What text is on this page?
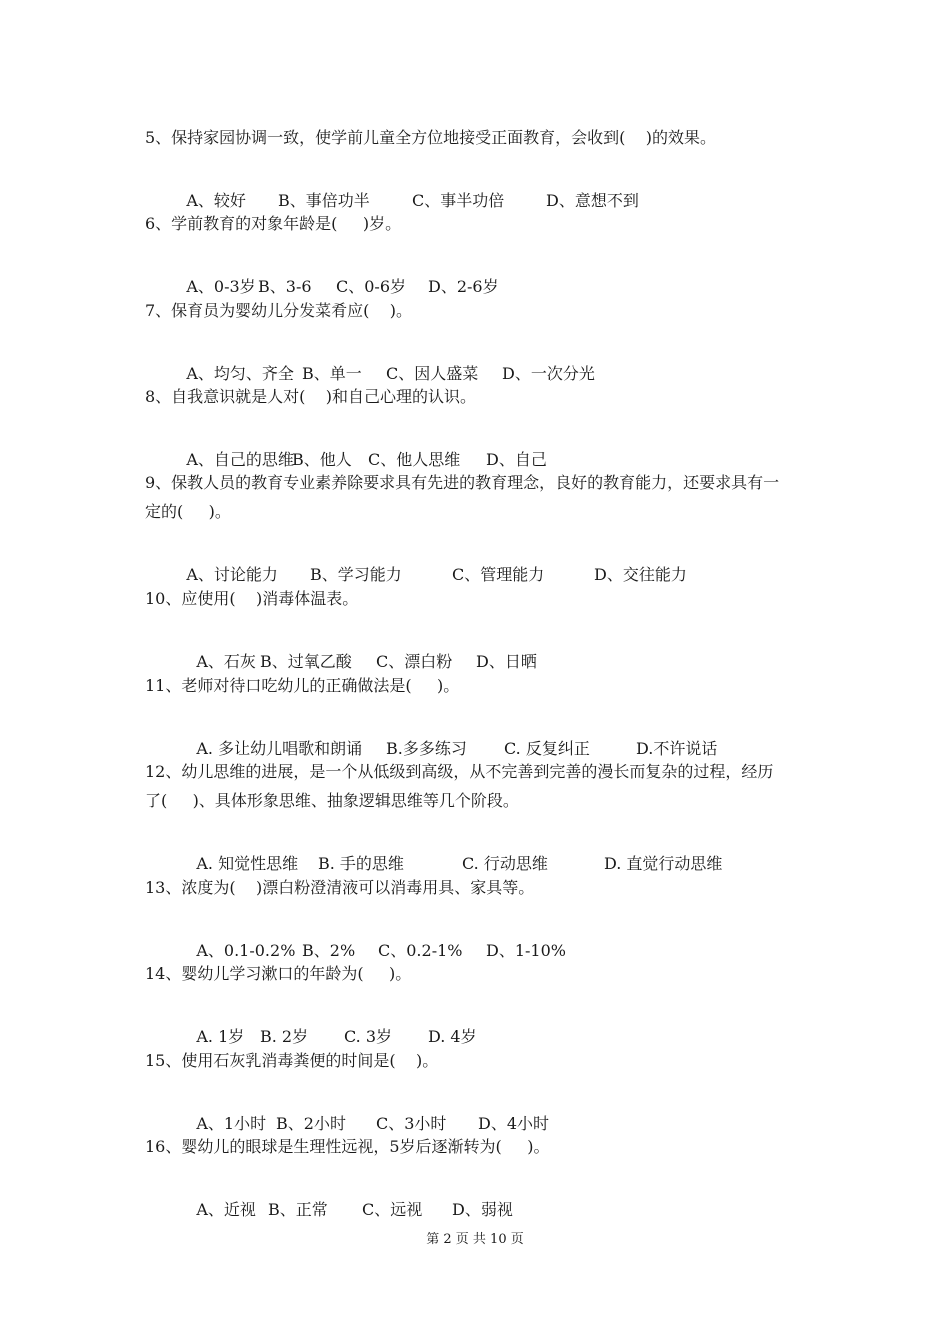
5、保持家园协调一致，使学前儿童全方位地接受正面教育，会收到(    )的效果。

A、较好 B、事倍功半	C、事半功倍	D、意想不到

6、学前教育的对象年龄是(     )岁。

A、0-3岁 B、3-6 C、0-6岁 D、2-6岁

7、保育员为婴幼儿分发菜肴应(    )。

A、均匀、齐全 B、单一 C、因人盛菜 D、一次分光

8、自我意识就是人对(    )和自己心理的认识。

A、自己的思维
B、他人 C、他人思维 D、自己

9、保教人员的教育专业素养除要求具有先进的教育理念，良好的教育能力，还要求具有一
定的(     )。

A、讨论能力 B、学习能力	C、管理能力	D、交往能力

10、应使用(    )消毒体温表。

A、石灰 B、过氧乙酸 C、漂白粉 D、日晒

11、老师对待口吃幼儿的正确做法是(     )。

A. 多让幼儿唱歌和朗诵 B.多多练习 C. 反复纠正	D.不许说话

12、幼儿思维的进展，是一个从低级到高级，从不完善到完善的漫长而复杂的过程，经历
了(     )、具体形象思维、抽象逻辑思维等几个阶段。

A. 知觉性思维 B. 手的思维	C. 行动思维	D. 直觉行动思维

13、浓度为(    )漂白粉澄清液可以消毒用具、家具等。

A、0.1-0.2% B、2% C、0.2-1% D、1-10%

14、婴幼儿学习漱口的年龄为(     )。

A. 1岁 B. 2岁 C. 3岁 D. 4岁

15、使用石灰乳消毒粪便的时间是(    )。

A、1小时 B、2小时 C、3小时 D、4小时

16、婴幼儿的眼球是生理性远视，5岁后逐渐转为(     )。

A、近视 B、正常 C、远视 D、弱视

第 2 页 共 10 页
